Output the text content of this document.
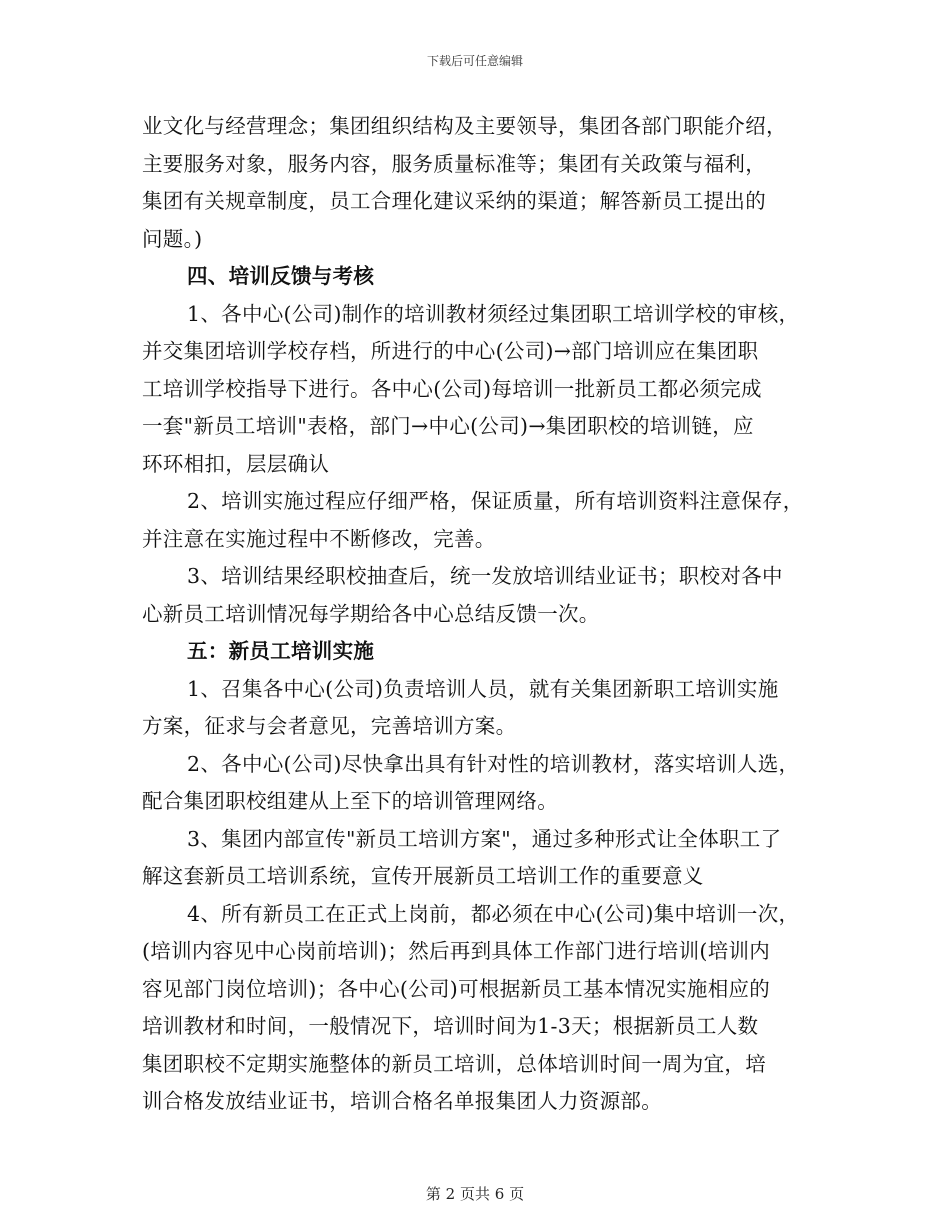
下载后可任意编辑
业文化与经营理念；集团组织结构及主要领导，集团各部门职能介绍，
主要服务对象，服务内容，服务质量标准等；集团有关政策与福利，
集团有关规章制度，员工合理化建议采纳的渠道；解答新员工提出的
问题。)
四、培训反馈与考核
1、各中心(公司)制作的培训教材须经过集团职工培训学校的审核，
并交集团培训学校存档，所进行的中心(公司)→部门培训应在集团职
工培训学校指导下进行。各中心(公司)每培训一批新员工都必须完成
一套"新员工培训"表格，部门→中心(公司)→集团职校的培训链，应
环环相扣，层层确认
2、培训实施过程应仔细严格，保证质量，所有培训资料注意保存，
并注意在实施过程中不断修改，完善。
3、培训结果经职校抽查后，统一发放培训结业证书；职校对各中
心新员工培训情况每学期给各中心总结反馈一次。
五：新员工培训实施
1、召集各中心(公司)负责培训人员，就有关集团新职工培训实施
方案，征求与会者意见，完善培训方案。
2、各中心(公司)尽快拿出具有针对性的培训教材，落实培训人选，
配合集团职校组建从上至下的培训管理网络。
3、集团内部宣传"新员工培训方案"，通过多种形式让全体职工了
解这套新员工培训系统，宣传开展新员工培训工作的重要意义
4、所有新员工在正式上岗前，都必须在中心(公司)集中培训一次，
(培训内容见中心岗前培训)；然后再到具体工作部门进行培训(培训内
容见部门岗位培训)；各中心(公司)可根据新员工基本情况实施相应的
培训教材和时间，一般情况下，培训时间为1-3天；根据新员工人数
集团职校不定期实施整体的新员工培训，总体培训时间一周为宜，培
训合格发放结业证书，培训合格名单报集团人力资源部。
第 2 页共 6 页
